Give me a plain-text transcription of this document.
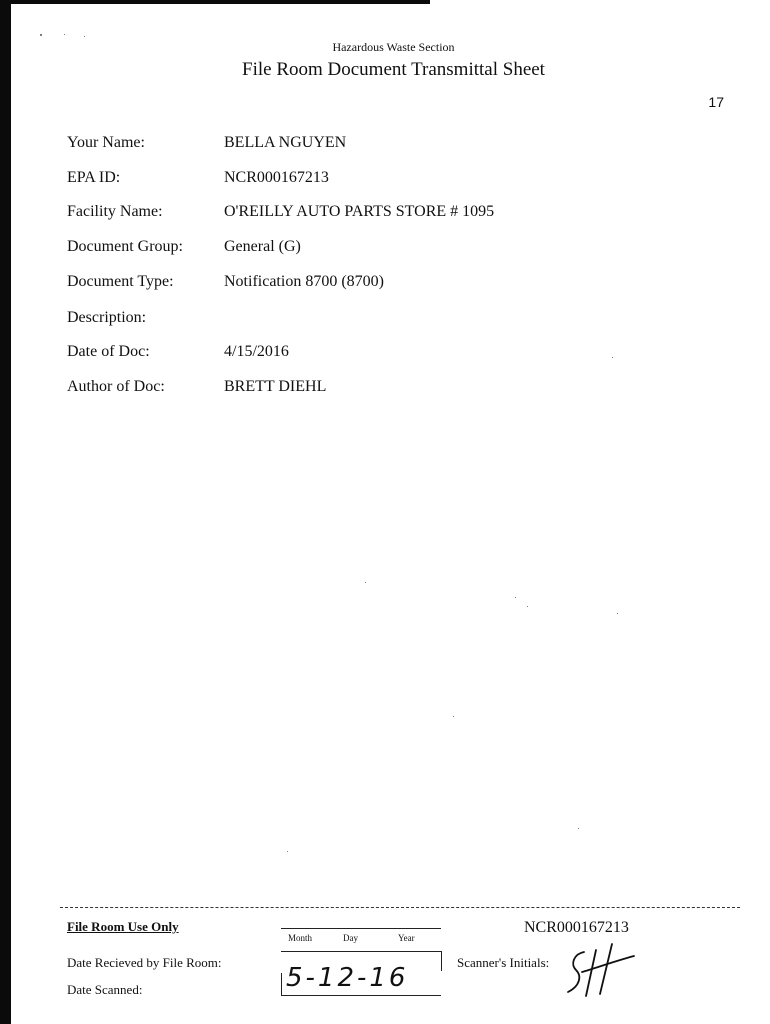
Hazardous Waste Section
File Room Document Transmittal Sheet
17
Your Name:	BELLA NGUYEN
EPA ID:	NCR000167213
Facility Name:	O'REILLY AUTO PARTS STORE # 1095
Document Group:	General (G)
Document Type:	Notification 8700 (8700)
Description:
Date of Doc:	4/15/2016
Author of Doc:	BRETT DIEHL
File Room Use Only	NCR000167213
Date Recieved by File Room:
Date Scanned:
Month	Day	Year
5-12-16
Scanner's Initials:
